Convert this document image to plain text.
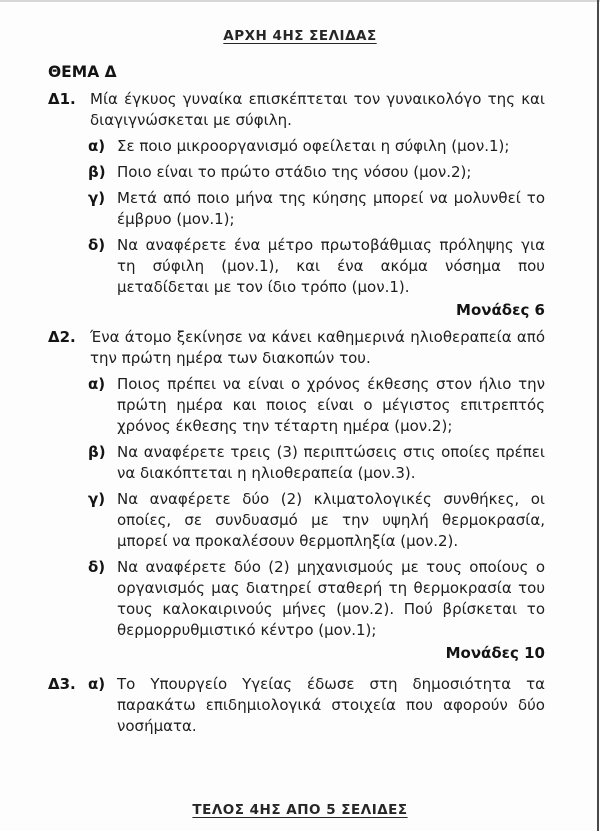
ΑΡΧΗ 4ΗΣ ΣΕΛΙΔΑΣ
ΘΕΜΑ Δ
Δ1. Μία έγκυος γυναίκα επισκέπτεται τον γυναικολόγο της και διαγιγνώσκεται με σύφιλη.
α) Σε ποιο μικροοργανισμό οφείλεται η σύφιλη (μον.1);
β) Ποιο είναι το πρώτο στάδιο της νόσου (μον.2);
γ) Μετά από ποιο μήνα της κύησης μπορεί να μολυνθεί το έμβρυο (μον.1);
δ) Να αναφέρετε ένα μέτρο πρωτοβάθμιας πρόληψης για τη σύφιλη (μον.1), και ένα ακόμα νόσημα που μεταδίδεται με τον ίδιο τρόπο (μον.1).
Μονάδες 6
Δ2. Ένα άτομο ξεκίνησε να κάνει καθημερινά ηλιοθεραπεία από την πρώτη ημέρα των διακοπών του.
α) Ποιος πρέπει να είναι ο χρόνος έκθεσης στον ήλιο την πρώτη ημέρα και ποιος είναι ο μέγιστος επιτρεπτός χρόνος έκθεσης την τέταρτη ημέρα (μον.2);
β) Να αναφέρετε τρεις (3) περιπτώσεις στις οποίες πρέπει να διακόπτεται η ηλιοθεραπεία (μον.3).
γ) Να αναφέρετε δύο (2) κλιματολογικές συνθήκες, οι οποίες, σε συνδυασμό με την υψηλή θερμοκρασία, μπορεί να προκαλέσουν θερμοπληξία (μον.2).
δ) Να αναφέρετε δύο (2) μηχανισμούς με τους οποίους ο οργανισμός μας διατηρεί σταθερή τη θερμοκρασία του τους καλοκαιρινούς μήνες (μον.2). Πού βρίσκεται το θερμορρυθμιστικό κέντρο (μον.1);
Μονάδες 10
Δ3. α) Το Υπουργείο Υγείας έδωσε στη δημοσιότητα τα παρακάτω επιδημιολογικά στοιχεία που αφορούν δύο νοσήματα.
ΤΕΛΟΣ 4ΗΣ ΑΠΟ 5 ΣΕΛΙΔΕΣ
